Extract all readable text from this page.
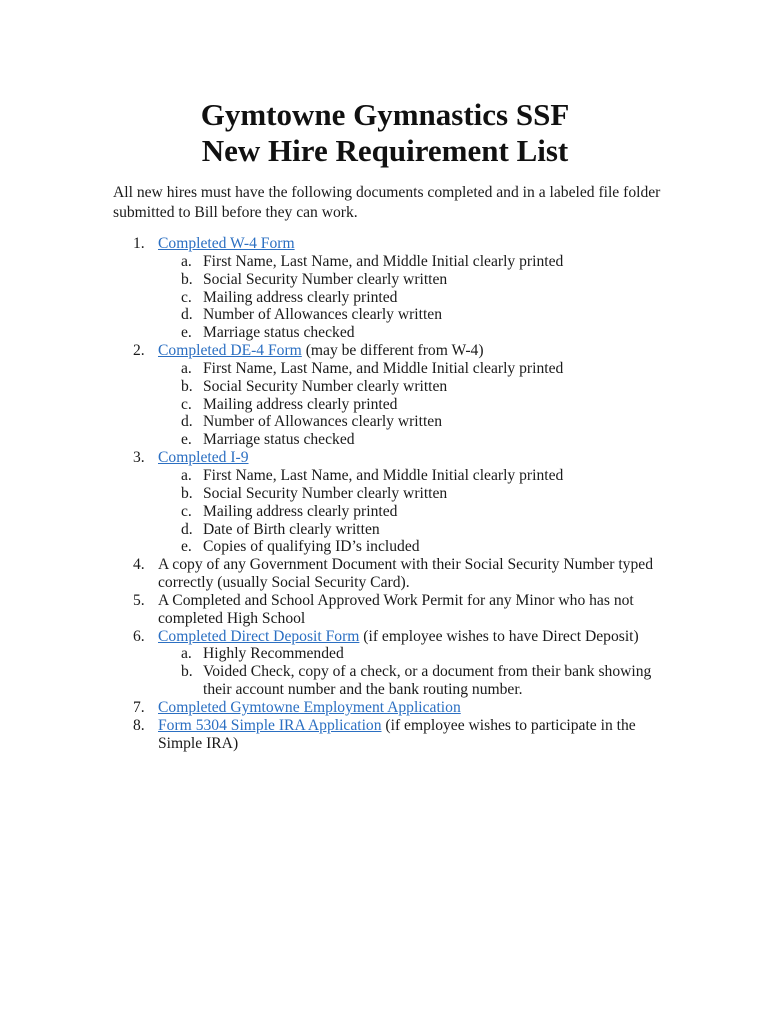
Gymtowne Gymnastics SSF
New Hire Requirement List
All new hires must have the following documents completed and in a labeled file folder submitted to Bill before they can work.
1. Completed W-4 Form
a. First Name, Last Name, and Middle Initial clearly printed
b. Social Security Number clearly written
c. Mailing address clearly printed
d. Number of Allowances clearly written
e. Marriage status checked
2. Completed DE-4 Form (may be different from W-4)
a. First Name, Last Name, and Middle Initial clearly printed
b. Social Security Number clearly written
c. Mailing address clearly printed
d. Number of Allowances clearly written
e. Marriage status checked
3. Completed I-9
a. First Name, Last Name, and Middle Initial clearly printed
b. Social Security Number clearly written
c. Mailing address clearly printed
d. Date of Birth clearly written
e. Copies of qualifying ID’s included
4. A copy of any Government Document with their Social Security Number typed correctly (usually Social Security Card).
5. A Completed and School Approved Work Permit for any Minor who has not completed High School
6. Completed Direct Deposit Form (if employee wishes to have Direct Deposit)
a. Highly Recommended
b. Voided Check, copy of a check, or a document from their bank showing their account number and the bank routing number.
7. Completed Gymtowne Employment Application
8. Form 5304 Simple IRA Application (if employee wishes to participate in the Simple IRA)
